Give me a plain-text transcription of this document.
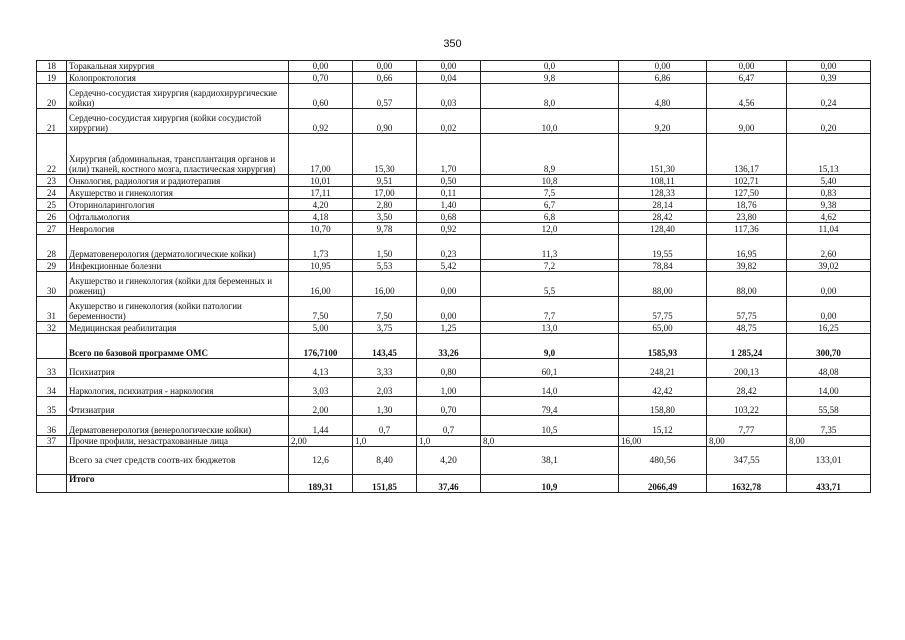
350
18	Торакальная хирургия	0,00	0,00	0,00	0,0	0,00	0,00	0,00
19	Колопроктология	0,70	0,66	0,04	9,8	6,86	6,47	0,39
20	Сердечно-сосудистая хирургия (кардиохирургические койки)	0,60	0,57	0,03	8,0	4,80	4,56	0,24
21	Сердечно-сосудистая хирургия (койки сосудистой хирургии)	0,92	0,90	0,02	10,0	9,20	9,00	0,20
22	Хирургия (абдоминальная, трансплантация органов и (или) тканей, костного мозга, пластическая хирургия)	17,00	15,30	1,70	8,9	151,30	136,17	15,13
23	Онкология, радиология и радиотерапия	10,01	9,51	0,50	10,8	108,11	102,71	5,40
24	Акушерство и гинекология	17,11	17,00	0,11	7,5	128,33	127,50	0,83
25	Оториноларингология	4,20	2,80	1,40	6,7	28,14	18,76	9,38
26	Офтальмология	4,18	3,50	0,68	6,8	28,42	23,80	4,62
27	Неврология	10,70	9,78	0,92	12,0	128,40	117,36	11,04
28	Дерматовенерология (дерматологические койки)	1,73	1,50	0,23	11,3	19,55	16,95	2,60
29	Инфекционные болезни	10,95	5,53	5,42	7,2	78,84	39,82	39,02
30	Акушерство и гинекология (койки для беременных и рожениц)	16,00	16,00	0,00	5,5	88,00	88,00	0,00
31	Акушерство и гинекология (койки патологии беременности)	7,50	7,50	0,00	7,7	57,75	57,75	0,00
32	Медицинская реабилитация	5,00	3,75	1,25	13,0	65,00	48,75	16,25
	Всего по базовой программе ОМС	176,7100	143,45	33,26	9,0	1585,93	1 285,24	300,70
33	Психиатрия	4,13	3,33	0,80	60,1	248,21	200,13	48,08
34	Наркология, психиатрия - наркология	3,03	2,03	1,00	14,0	42,42	28,42	14,00
35	Фтизиатрия	2,00	1,30	0,70	79,4	158,80	103,22	55,58
36	Дерматовенерология (венерологические койки)	1,44	0,7	0,7	10,5	15,12	7,77	7,35
37	Прочие профили, незастрахованные лица	2,00	1,0	1,0	8,0	16,00	8,00	8,00
	Всего за счет средств соотв-их бюджетов	12,6	8,40	4,20	38,1	480,56	347,55	133,01
	Итого	189,31	151,85	37,46	10,9	2066,49	1632,78	433,71
